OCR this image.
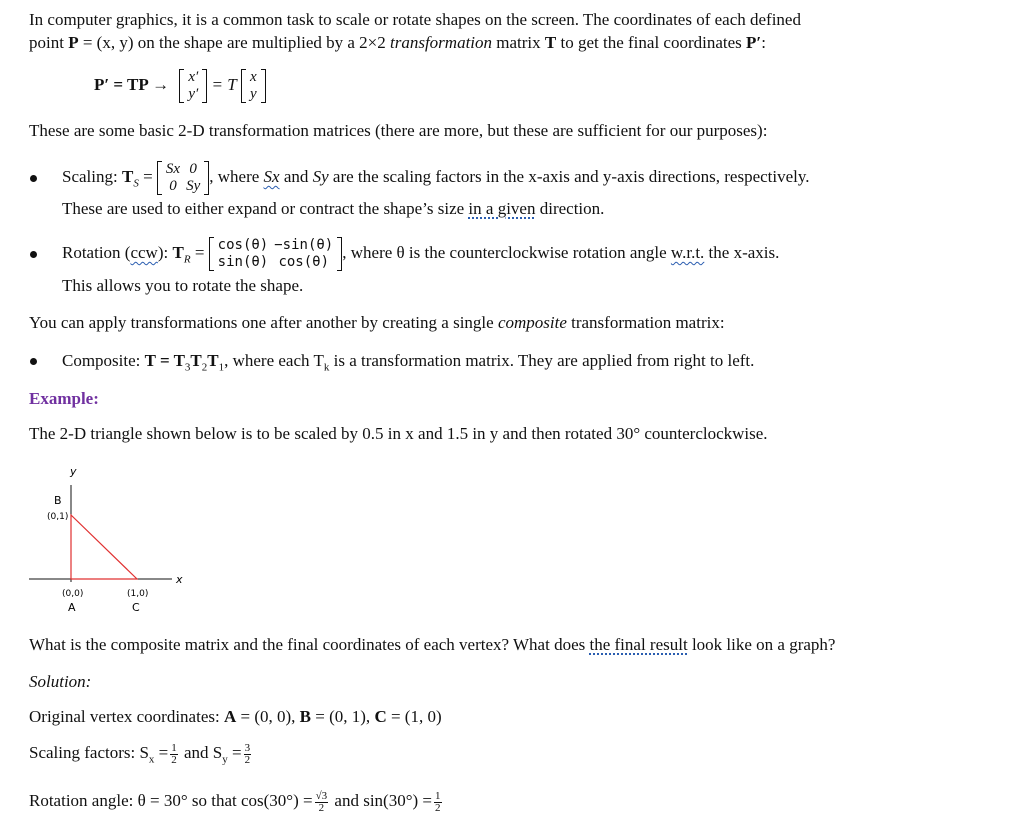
In computer graphics, it is a common task to scale or rotate shapes on the screen. The coordinates of each defined
point P = (x, y) on the shape are multiplied by a 2×2 transformation matrix T to get the final coordinates P′:
P′ = TP → x′
y′
= T x
y
These are some basic 2-D transformation matrices (there are more, but these are sufficient for our purposes):
Scaling: $T_S = Sx$	0
0	Sy
, where Sx and Sy are the scaling factors in the x-axis and y-axis directions, respectively.
These are used to either expand or contract the shape’s size in a given direction.
Rotation (ccw): $T_R = \cos(\theta)$	−sin(θ)
sin(θ)	cos(θ)
, where θ is the counterclockwise rotation angle w.r.t. the x-axis.
This allows you to rotate the shape.
You can apply transformations one after another by creating a single composite transformation matrix:
Composite: $T = T_3T_2T_1$, where each $T_k$ is a transformation matrix. They are applied from right to left.
Example:
The 2-D triangle shown below is to be scaled by 0.5 in x and 1.5 in y and then rotated 30° counterclockwise.
y
x
B
(0,1)
(0,0)
A
(1,0)
C
What is the composite matrix and the final coordinates of each vertex? What does the final result look like on a graph?
Solution:
Original vertex coordinates: A = (0, 0), B = (0, 1), C = (1, 0)
Scaling factors: $S_x = \frac{1}{2}$ and $S_y = \frac{3}{2}$
Rotation angle: θ = 30° so that $\cos(30^\circ) = \frac{√3}{2}$ and $\sin(30^\circ) = \frac{1}{2}$
